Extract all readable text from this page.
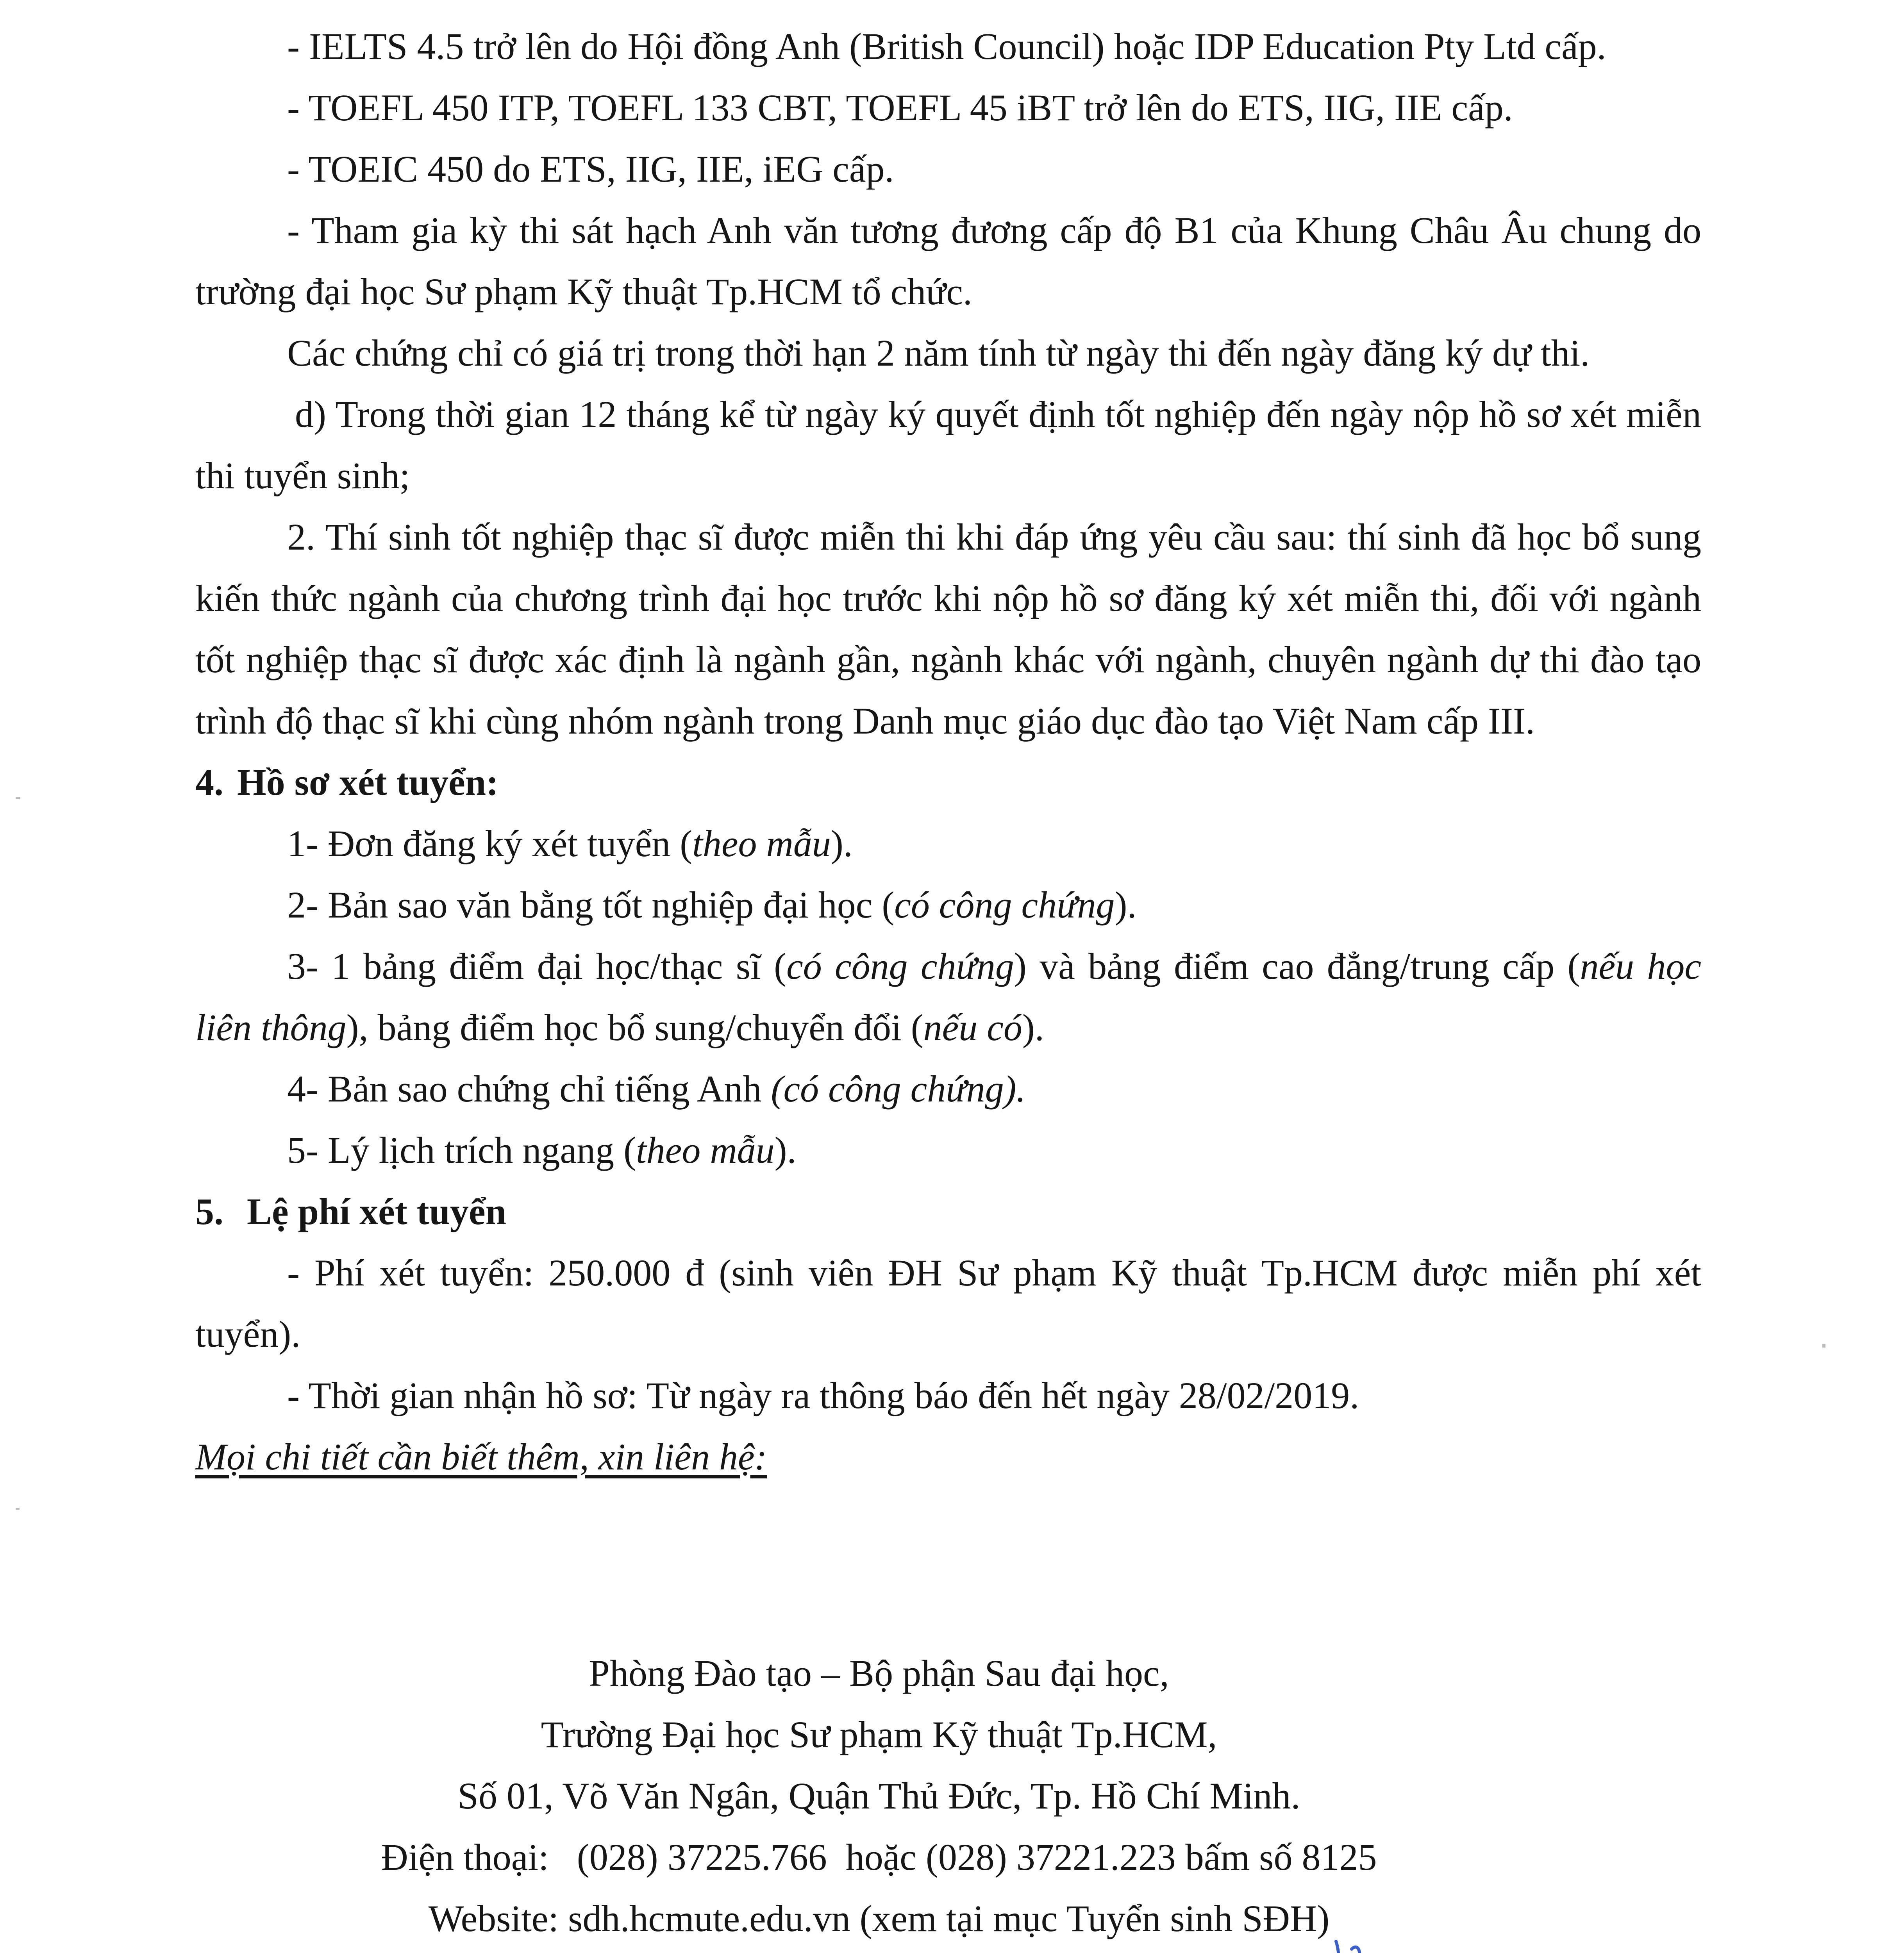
- IELTS 4.5 trở lên do Hội đồng Anh (British Council) hoặc IDP Education Pty Ltd cấp.

- TOEFL 450 ITP, TOEFL 133 CBT, TOEFL 45 iBT trở lên do ETS, IIG, IIE cấp.

- TOEIC 450 do ETS, IIG, IIE, iEG cấp.

- Tham gia kỳ thi sát hạch Anh văn tương đương cấp độ B1 của Khung Châu Âu chung do trường đại học Sư phạm Kỹ thuật Tp.HCM tổ chức.

Các chứng chỉ có giá trị trong thời hạn 2 năm tính từ ngày thi đến ngày đăng ký dự thi.

d) Trong thời gian 12 tháng kể từ ngày ký quyết định tốt nghiệp đến ngày nộp hồ sơ xét miễn thi tuyển sinh;

2. Thí sinh tốt nghiệp thạc sĩ được miễn thi khi đáp ứng yêu cầu sau: thí sinh đã học bổ sung kiến thức ngành của chương trình đại học trước khi nộp hồ sơ đăng ký xét miễn thi, đối với ngành tốt nghiệp thạc sĩ được xác định là ngành gần, ngành khác với ngành, chuyên ngành dự thi đào tạo trình độ thạc sĩ khi cùng nhóm ngành trong Danh mục giáo dục đào tạo Việt Nam cấp III.

4. Hồ sơ xét tuyển:

1- Đơn đăng ký xét tuyển (theo mẫu).

2- Bản sao văn bằng tốt nghiệp đại học (có công chứng).

3- 1 bảng điểm đại học/thạc sĩ (có công chứng) và bảng điểm cao đẳng/trung cấp (nếu học liên thông), bảng điểm học bổ sung/chuyển đổi (nếu có).

4- Bản sao chứng chỉ tiếng Anh (có công chứng).

5- Lý lịch trích ngang (theo mẫu).

5. Lệ phí xét tuyển

- Phí xét tuyển: 250.000 đ (sinh viên ĐH Sư phạm Kỹ thuật Tp.HCM được miễn phí xét tuyển).

- Thời gian nhận hồ sơ: Từ ngày ra thông báo đến hết ngày 28/02/2019.

Mọi chi tiết cần biết thêm, xin liên hệ:

Phòng Đào tạo – Bộ phận Sau đại học,
Trường Đại học Sư phạm Kỹ thuật Tp.HCM,
Số 01, Võ Văn Ngân, Quận Thủ Đức, Tp. Hồ Chí Minh.
Điện thoại:   (028) 37225.766  hoặc (028) 37221.223 bấm số 8125
Website: sdh.hcmute.edu.vn (xem tại mục Tuyển sinh SĐH)
